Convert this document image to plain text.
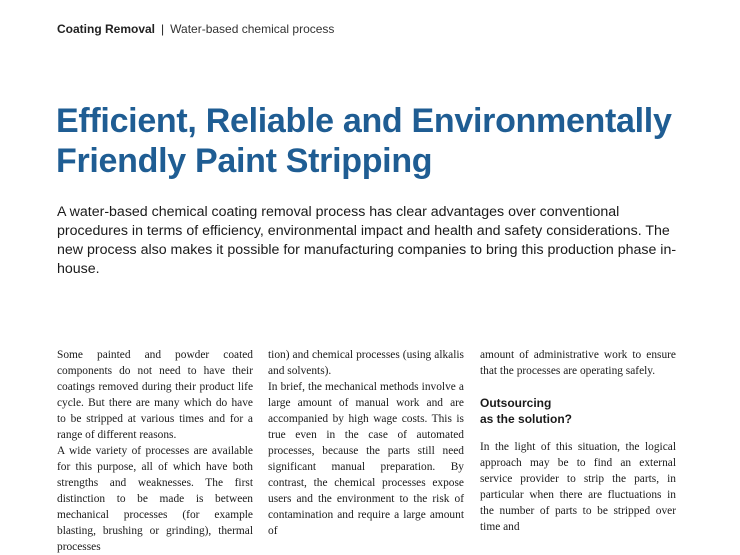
Coating Removal | Water-based chemical process
Efficient, Reliable and Environmentally Friendly Paint Stripping

A water-based chemical coating removal process has clear advantages over conventional procedures in terms of efficiency, environmental impact and health and safety considerations. The new process also makes it possible for manufacturing companies to bring this production phase in-house.

Some painted and powder coated components do not need to have their coatings removed during their product life cycle. But there are many which do have to be stripped at various times and for a range of different reasons.

A wide variety of processes are available for this purpose, all of which have both strengths and weaknesses. The first distinction to be made is between mechanical processes (for example blasting, brushing or grinding), thermal processes

tion) and chemical processes (using alkalis and solvents).

In brief, the mechanical methods involve a large amount of manual work and are accompanied by high wage costs. This is true even in the case of automated processes, because the parts still need significant manual preparation. By contrast, the chemical processes expose users and the environment to the risk of contamination and require a large amount of

amount of administrative work to ensure that the processes are operating safely.

Outsourcing
as the solution?

In the light of this situation, the logical approach may be to find an external service provider to strip the parts, in particular when there are fluctuations in the number of parts to be stripped over time and
